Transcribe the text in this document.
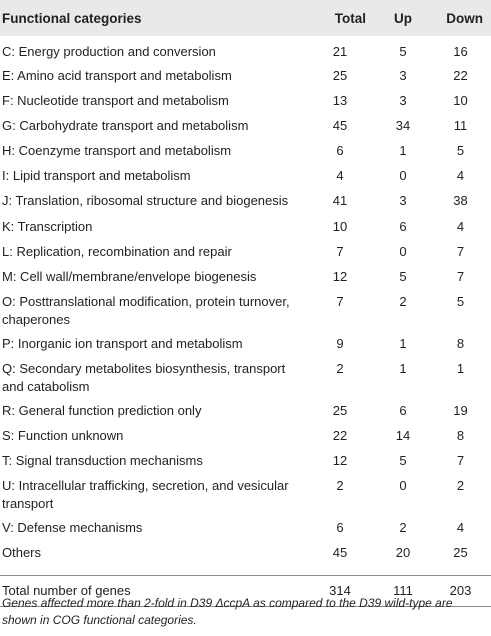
Functional categories	Total	Up	Down
C: Energy production and conversion	21	5	16
E: Amino acid transport and metabolism	25	3	22
F: Nucleotide transport and metabolism	13	3	10
G: Carbohydrate transport and metabolism	45	34	11
H: Coenzyme transport and metabolism	6	1	5
I: Lipid transport and metabolism	4	0	4
J: Translation, ribosomal structure and biogenesis	41	3	38
K: Transcription	10	6	4
L: Replication, recombination and repair	7	0	7
M: Cell wall/membrane/envelope biogenesis	12	5	7
O: Posttranslational modification, protein turnover, chaperones	7	2	5
P: Inorganic ion transport and metabolism	9	1	8
Q: Secondary metabolites biosynthesis, transport and catabolism	2	1	1
R: General function prediction only	25	6	19
S: Function unknown	22	14	8
T: Signal transduction mechanisms	12	5	7
U: Intracellular trafficking, secretion, and vesicular transport	2	0	2
V: Defense mechanisms	6	2	4
Others	45	20	25

Total number of genes	314	111	203

Genes affected more than 2-fold in D39 ΔccpA as compared to the D39 wild-type are shown in COG functional categories.
